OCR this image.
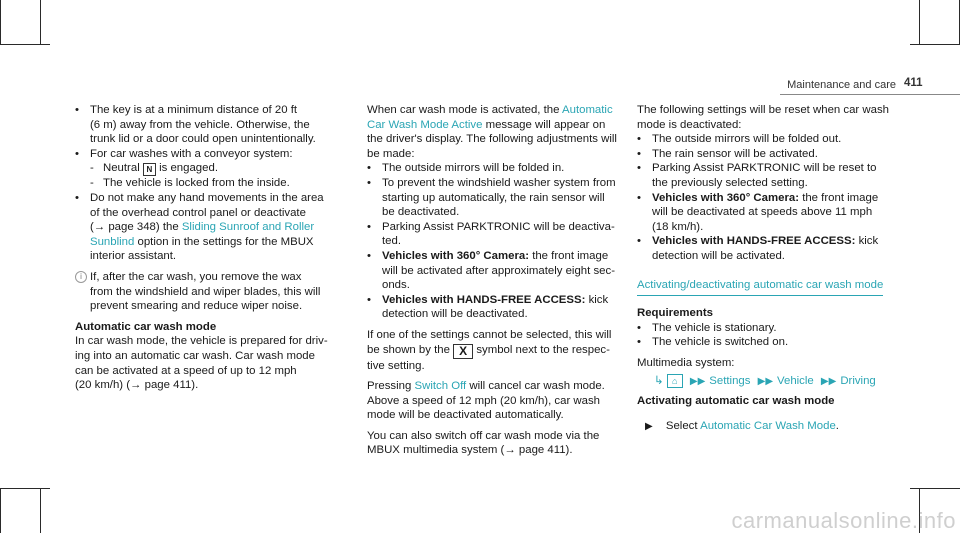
Maintenance and care 411
• The key is at a minimum distance of 20 ft
(6 m) away from the vehicle. Otherwise, the
trunk lid or a door could open unintentionally.
• For car washes with a conveyor system:
- Neutral N is engaged.
- The vehicle is locked from the inside.
• Do not make any hand movements in the area
of the overhead control panel or deactivate
(→ page 348) the Sliding Sunroof and Roller
Sunblind option in the settings for the MBUX
interior assistant.
i If, after the car wash, you remove the wax
from the windshield and wiper blades, this will
prevent smearing and reduce wiper noise.
Automatic car wash mode
In car wash mode, the vehicle is prepared for driv-
ing into an automatic car wash. Car wash mode
can be activated at a speed of up to 12 mph
(20 km/h) (→ page 411).
When car wash mode is activated, the Automatic
Car Wash Mode Active message will appear on
the driver's display. The following adjustments will
be made:
• The outside mirrors will be folded in.
• To prevent the windshield washer system from
starting up automatically, the rain sensor will
be deactivated.
• Parking Assist PARKTRONIC will be deactiva-
ted.
• Vehicles with 360° Camera: the front image
will be activated after approximately eight sec-
onds.
• Vehicles with HANDS-FREE ACCESS: kick
detection will be deactivated.
If one of the settings cannot be selected, this will
be shown by the X symbol next to the respec-
tive setting.
Pressing Switch Off will cancel car wash mode.
Above a speed of 12 mph (20 km/h), car wash
mode will be deactivated automatically.
You can also switch off car wash mode via the
MBUX multimedia system (→ page 411).
The following settings will be reset when car wash
mode is deactivated:
• The outside mirrors will be folded out.
• The rain sensor will be activated.
• Parking Assist PARKTRONIC will be reset to
the previously selected setting.
• Vehicles with 360° Camera: the front image
will be deactivated at speeds above 11 mph
(18 km/h).
• Vehicles with HANDS-FREE ACCESS: kick
detection will be activated.
Activating/deactivating automatic car wash mode
Requirements
• The vehicle is stationary.
• The vehicle is switched on.
Multimedia system:
↳ ⌂ ▶▶ Settings ▶▶ Vehicle ▶▶ Driving
Activating automatic car wash mode
▶ Select Automatic Car Wash Mode.
carmanualsonline.info
